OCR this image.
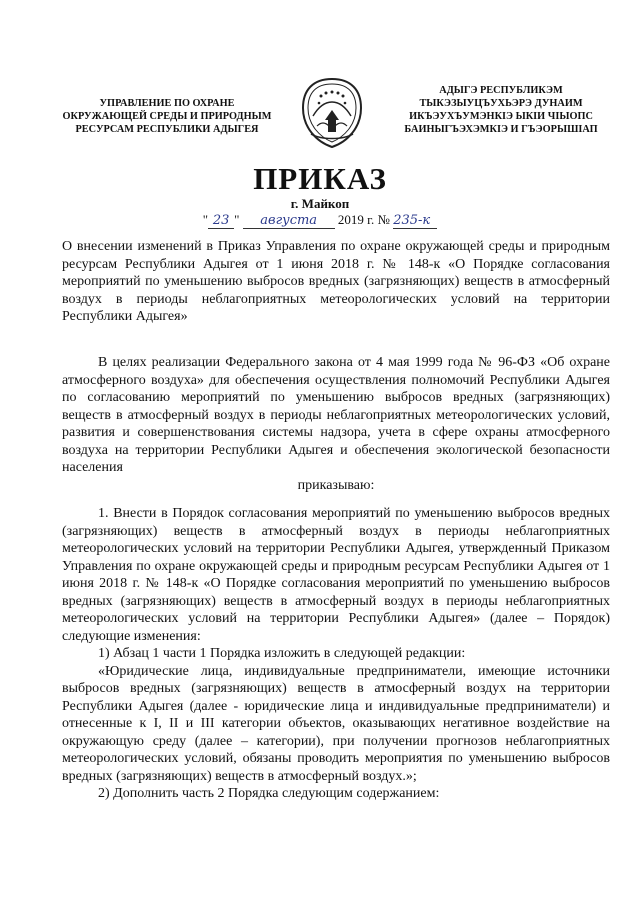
УПРАВЛЕНИЕ ПО ОХРАНЕ
ОКРУЖАЮЩЕЙ СРЕДЫ И ПРИРОДНЫМ
РЕСУРСАМ РЕСПУБЛИКИ АДЫГЕЯ
АДЫГЭ РЕСПУБЛИКЭМ
ТЫКЭЗЫУЦЪУХЬЭРЭ ДУНАИМ
ИКЪЭУХЪУМЭНКIЭ ЫКIИ ЧIЫОПС
БАИНЫГЪЭХЭМКIЭ И ГЪЭОРЫШIАП
ПРИКАЗ
г. Майкоп
" 23 " августа 2019 г. № 235-к

О внесении изменений в Приказ Управления по охране окружающей среды и природным ресурсам Республики Адыгея от 1 июня 2018 г. № 148-к «О Порядке согласования мероприятий по уменьшению выбросов вредных (загрязняющих) веществ в атмосферный воздух в периоды неблагоприятных метеорологических условий на территории Республики Адыгея»

В целях реализации Федерального закона от 4 мая 1999 года № 96-ФЗ «Об охране атмосферного воздуха» для обеспечения осуществления полномочий Республики Адыгея по согласованию мероприятий по уменьшению выбросов вредных (загрязняющих) веществ в атмосферный воздух в периоды неблагоприятных метеорологических условий, развития и совершенствования системы надзора, учета в сфере охраны атмосферного воздуха на территории Республики Адыгея и обеспечения экологической безопасности населения

приказываю:

1. Внести в Порядок согласования мероприятий по уменьшению выбросов вредных (загрязняющих) веществ в атмосферный воздух в периоды неблагоприятных метеорологических условий на территории Республики Адыгея, утвержденный Приказом Управления по охране окружающей среды и природным ресурсам Республики Адыгея от 1 июня 2018 г. № 148-к «О Порядке согласования мероприятий по уменьшению выбросов вредных (загрязняющих) веществ в атмосферный воздух в периоды неблагоприятных метеорологических условий на территории Республики Адыгея» (далее – Порядок) следующие изменения:

1) Абзац 1 части 1 Порядка изложить в следующей редакции:

«Юридические лица, индивидуальные предприниматели, имеющие источники выбросов вредных (загрязняющих) веществ в атмосферный воздух на территории Республики Адыгея (далее - юридические лица и индивидуальные предприниматели) и отнесенные к I, II и III категории объектов, оказывающих негативное воздействие на окружающую среду (далее – категории), при получении прогнозов неблагоприятных метеорологических условий, обязаны проводить мероприятия по уменьшению выбросов вредных (загрязняющих) веществ в атмосферный воздух.»;

2) Дополнить часть 2 Порядка следующим содержанием:
